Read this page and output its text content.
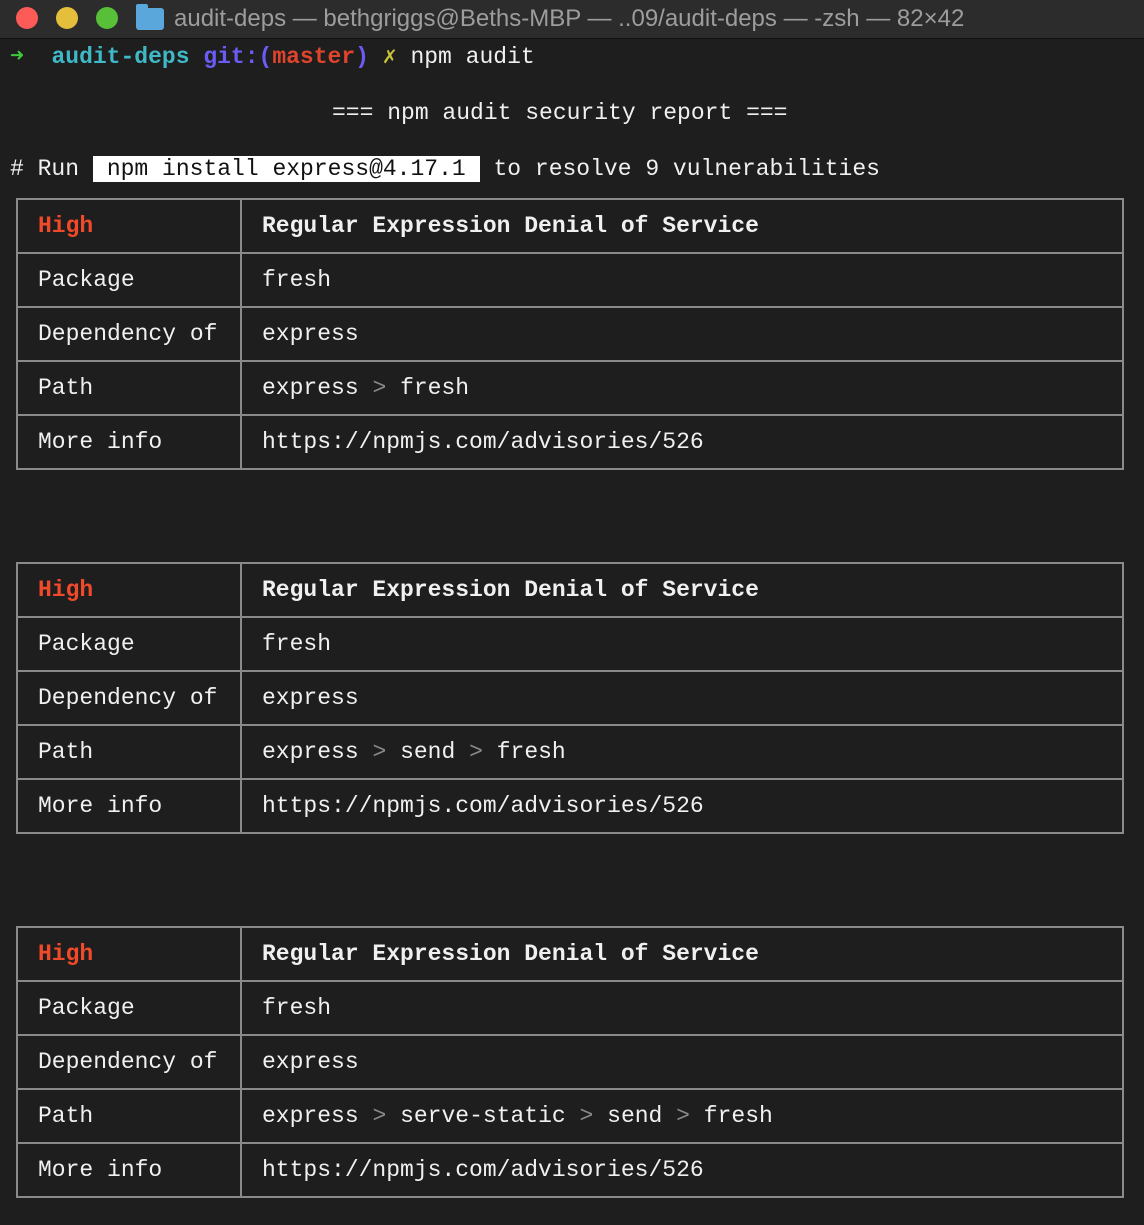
audit-deps — bethgriggs@Beths-MBP — ..09/audit-deps — -zsh — 82×42
➜ audit-deps git:(master) ✗ npm audit
=== npm audit security report ===
# Run npm install express@4.17.1 to resolve 9 vulnerabilities
High	Regular Expression Denial of Service
Package	fresh
Dependency of	express
Path	express > fresh
More info	https://npmjs.com/advisories/526
High	Regular Expression Denial of Service
Package	fresh
Dependency of	express
Path	express > send > fresh
More info	https://npmjs.com/advisories/526
High	Regular Expression Denial of Service
Package	fresh
Dependency of	express
Path	express > serve-static > send > fresh
More info	https://npmjs.com/advisories/526
